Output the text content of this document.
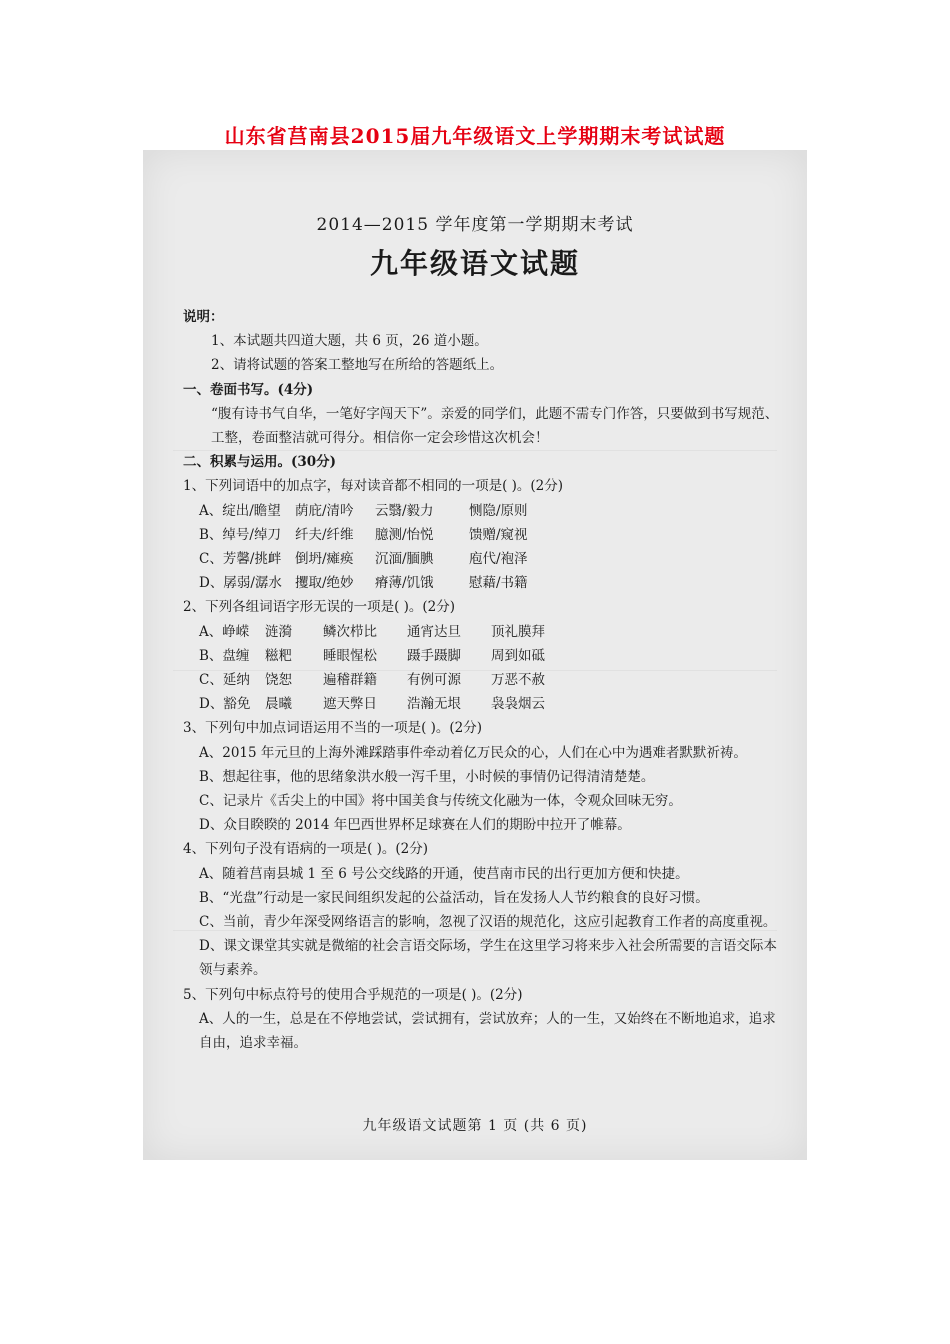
山东省莒南县2015届九年级语文上学期期末考试试题
2014—2015 学年度第一学期期末考试
九年级语文试题
说明：
1、本试题共四道大题，共 6 页，26 道小题。
2、请将试题的答案工整地写在所给的答题纸上。
一、卷面书写。(4分)
“腹有诗书气自华，一笔好字闯天下”。亲爱的同学们，此题不需专门作答，只要做到书写规范、工整，卷面整洁就可得分。相信你一定会珍惜这次机会！
二、积累与运用。(30分)
1、下列词语中的加点字，每对读音都不相同的一项是( )。(2分)
A、绽出/瞻望	荫庇/清吟	云翳/毅力	恻隐/原则
B、绰号/绰刀	纤夫/纤维	臆测/怡悦	馈赠/窥视
C、芳馨/挑衅	倒坍/瘫痪	沉湎/腼腆	庖代/袍泽
D、孱弱/潺水 攫取/绝妙	瘠薄/饥饿	慰藉/书籍
2、下列各组词语字形无误的一项是( )。(2分)
A、峥嵘	涟漪	鳞次栉比	通宵达旦	顶礼膜拜
B、盘缠	糍粑	睡眼惺松	蹑手蹑脚	周到如砥
C、延纳	饶恕	遍稽群籍	有例可源	万恶不赦
D、豁免	晨曦	遮天弊日	浩瀚无垠	袅袅烟云
3、下列句中加点词语运用不当的一项是( )。(2分)
A、2015 年元旦的上海外滩踩踏事件牵动着亿万民众的心，人们在心中为遇难者默默祈祷。
B、想起往事，他的思绪象洪水般一泻千里，小时候的事情仍记得清清楚楚。
C、记录片《舌尖上的中国》将中国美食与传统文化融为一体，令观众回味无穷。
D、众目睽睽的 2014 年巴西世界杯足球赛在人们的期盼中拉开了帷幕。
4、下列句子没有语病的一项是( )。(2分)
A、随着莒南县城 1 至 6 号公交线路的开通，使莒南市民的出行更加方便和快捷。
B、“光盘”行动是一家民间组织发起的公益活动，旨在发扬人人节约粮食的良好习惯。
C、当前，青少年深受网络语言的影响，忽视了汉语的规范化，这应引起教育工作者的高度重视。
D、课文课堂其实就是微缩的社会言语交际场，学生在这里学习将来步入社会所需要的言语交际本领与素养。
5、下列句中标点符号的使用合乎规范的一项是( )。(2分)
A、人的一生，总是在不停地尝试，尝试拥有，尝试放弃；人的一生，又始终在不断地追求，追求自由，追求幸福。
九年级语文试题第 1 页 (共 6 页)
